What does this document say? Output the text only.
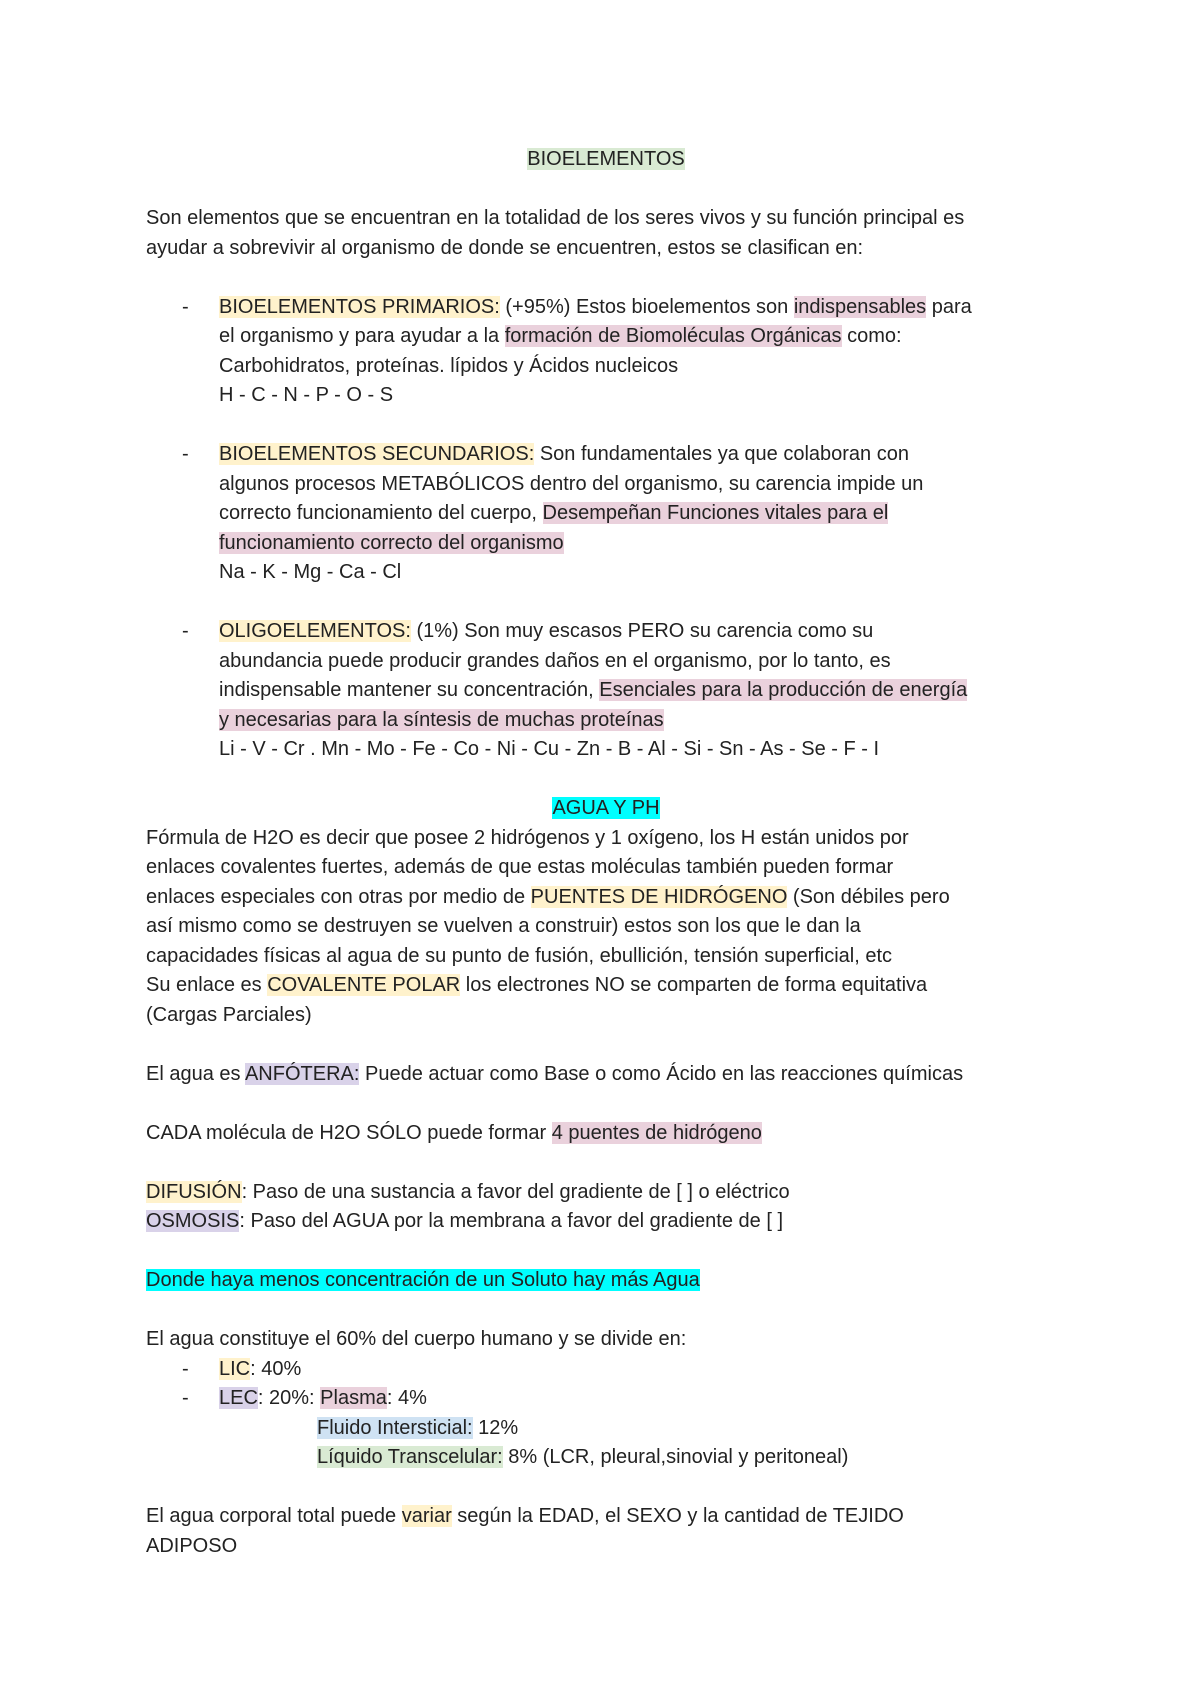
BIOELEMENTOS
Son elementos que se encuentran en la totalidad de los seres vivos y su función principal es
ayudar a sobrevivir al organismo de donde se encuentren, estos se clasifican en:
- BIOELEMENTOS PRIMARIOS: (+95%) Estos bioelementos son indispensables para
el organismo y para ayudar a la formación de Biomoléculas Orgánicas como:
Carbohidratos, proteínas. lípidos y Ácidos nucleicos
H - C - N - P - O - S
- BIOELEMENTOS SECUNDARIOS: Son fundamentales ya que colaboran con
algunos procesos METABÓLICOS dentro del organismo, su carencia impide un
correcto funcionamiento del cuerpo, Desempeñan Funciones vitales para el
funcionamiento correcto del organismo
Na - K - Mg - Ca - Cl
- OLIGOELEMENTOS: (1%) Son muy escasos PERO su carencia como su
abundancia puede producir grandes daños en el organismo, por lo tanto, es
indispensable mantener su concentración, Esenciales para la producción de energía
y necesarias para la síntesis de muchas proteínas
Li - V - Cr . Mn - Mo - Fe - Co - Ni - Cu - Zn - B - Al - Si - Sn - As - Se - F - I
AGUA Y PH
Fórmula de H2O es decir que posee 2 hidrógenos y 1 oxígeno, los H están unidos por
enlaces covalentes fuertes, además de que estas moléculas también pueden formar
enlaces especiales con otras por medio de PUENTES DE HIDRÓGENO (Son débiles pero
así mismo como se destruyen se vuelven a construir) estos son los que le dan la
capacidades físicas al agua de su punto de fusión, ebullición, tensión superficial, etc
Su enlace es COVALENTE POLAR los electrones NO se comparten de forma equitativa
(Cargas Parciales)
El agua es ANFÓTERA: Puede actuar como Base o como Ácido en las reacciones químicas
CADA molécula de H2O SÓLO puede formar 4 puentes de hidrógeno
DIFUSIÓN: Paso de una sustancia a favor del gradiente de [ ] o eléctrico
OSMOSIS: Paso del AGUA por la membrana a favor del gradiente de [ ]
Donde haya menos concentración de un Soluto hay más Agua
El agua constituye el 60% del cuerpo humano y se divide en:
- LIC: 40%
- LEC: 20%: Plasma: 4%
Fluido Intersticial: 12%
Líquido Transcelular: 8% (LCR, pleural,sinovial y peritoneal)
El agua corporal total puede variar según la EDAD, el SEXO y la cantidad de TEJIDO
ADIPOSO
